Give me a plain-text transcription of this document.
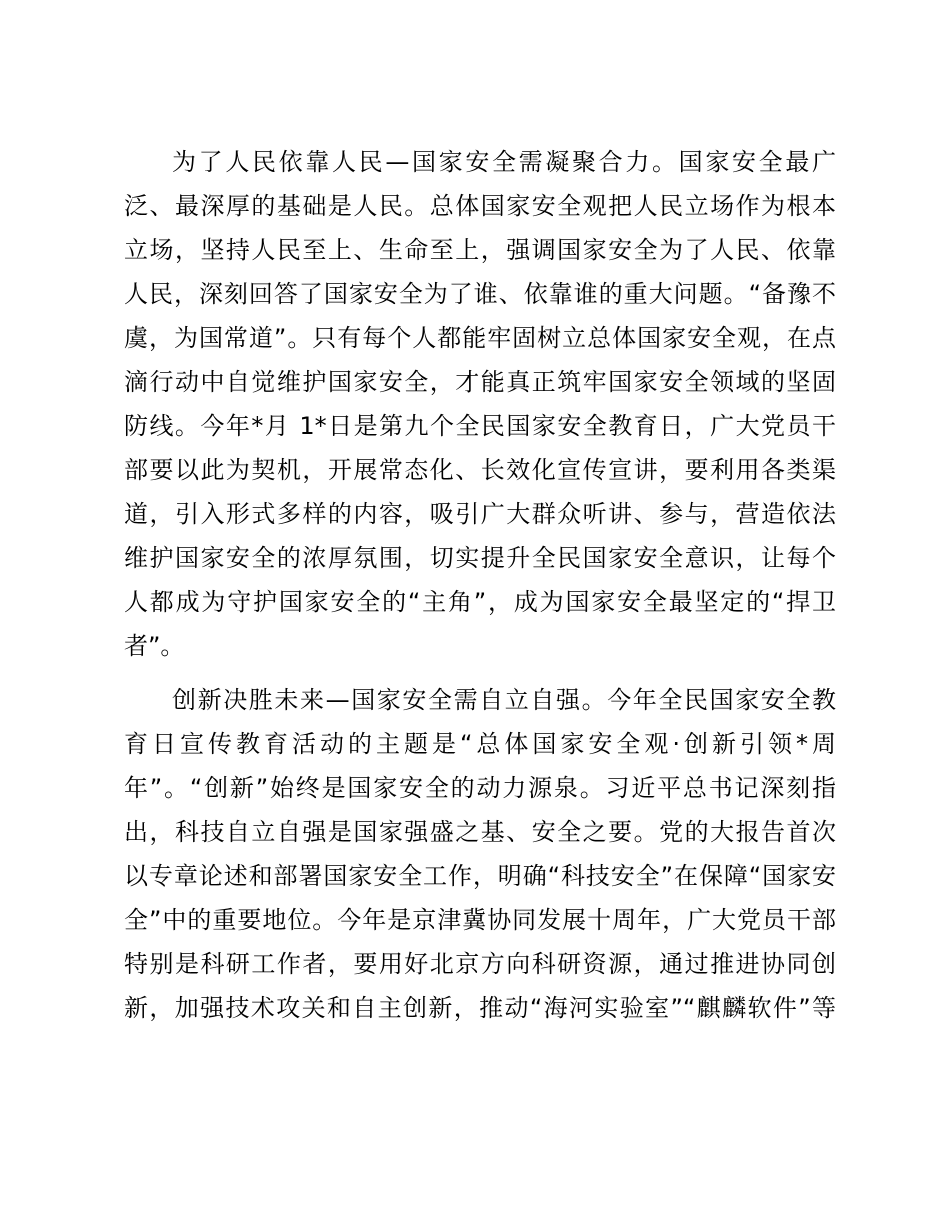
为了人民依靠人民—国家安全需凝聚合力。国家安全最广
泛、最深厚的基础是人民。总体国家安全观把人民立场作为根本
立场，坚持人民至上、生命至上，强调国家安全为了人民、依靠
人民，深刻回答了国家安全为了谁、依靠谁的重大问题。“备豫不
虞，为国常道”。只有每个人都能牢固树立总体国家安全观，在点
滴行动中自觉维护国家安全，才能真正筑牢国家安全领域的坚固
防线。今年*月 1*日是第九个全民国家安全教育日，广大党员干
部要以此为契机，开展常态化、长效化宣传宣讲，要利用各类渠
道，引入形式多样的内容，吸引广大群众听讲、参与，营造依法
维护国家安全的浓厚氛围，切实提升全民国家安全意识，让每个
人都成为守护国家安全的“主角”，成为国家安全最坚定的“捍卫
者”。
创新决胜未来—国家安全需自立自强。今年全民国家安全教
育日宣传教育活动的主题是“总体国家安全观·创新引领*周
年”。“创新”始终是国家安全的动力源泉。习近平总书记深刻指
出，科技自立自强是国家强盛之基、安全之要。党的大报告首次
以专章论述和部署国家安全工作，明确“科技安全”在保障“国家安
全”中的重要地位。今年是京津冀协同发展十周年，广大党员干部
特别是科研工作者，要用好北京方向科研资源，通过推进协同创
新，加强技术攻关和自主创新，推动“海河实验室”“麒麟软件”等
